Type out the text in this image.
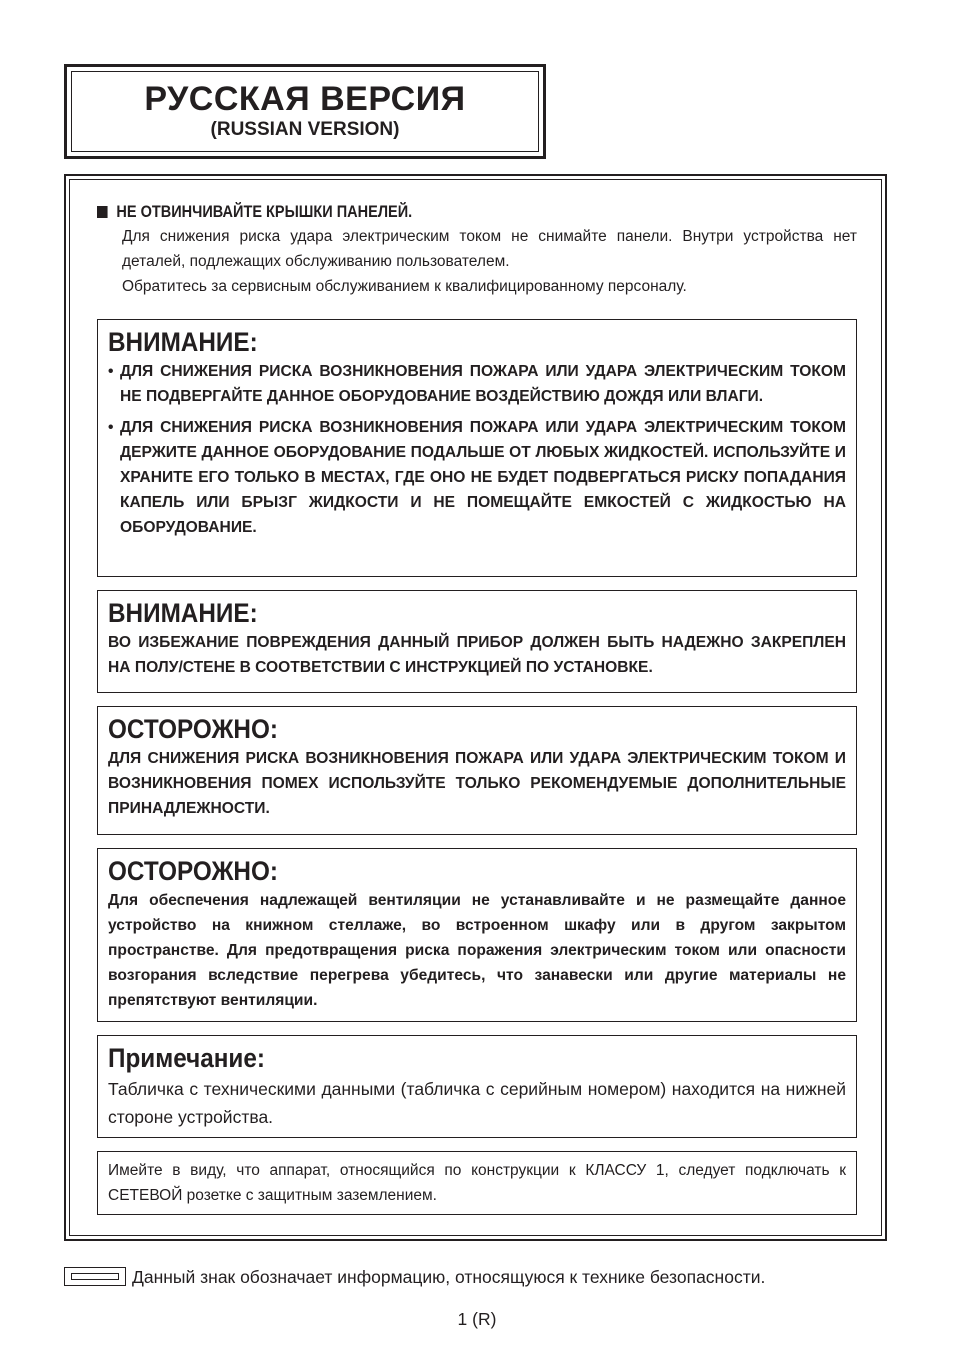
РУССКАЯ ВЕРСИЯ
(RUSSIAN VERSION)
НЕ ОТВИНЧИВАЙТЕ КРЫШКИ ПАНЕЛЕЙ.

Для снижения риска удара электрическим током не снимайте панели. Внутри устройства нет деталей, подлежащих обслуживанию пользователем.

Обратитесь за сервисным обслуживанием к квалифицированному персоналу.

ВНИМАНИЕ:
• ДЛЯ СНИЖЕНИЯ РИСКА ВОЗНИКНОВЕНИЯ ПОЖАРА ИЛИ УДАРА ЭЛЕКТРИЧЕСКИМ ТОКОМ НЕ ПОДВЕРГАЙТЕ ДАННОЕ ОБОРУДОВАНИЕ ВОЗДЕЙСТВИЮ ДОЖДЯ ИЛИ ВЛАГИ.
• ДЛЯ СНИЖЕНИЯ РИСКА ВОЗНИКНОВЕНИЯ ПОЖАРА ИЛИ УДАРА ЭЛЕКТРИЧЕСКИМ ТОКОМ ДЕРЖИТЕ ДАННОЕ ОБОРУДОВАНИЕ ПОДАЛЬШЕ ОТ ЛЮБЫХ ЖИДКОСТЕЙ. ИСПОЛЬЗУЙТЕ И ХРАНИТЕ ЕГО ТОЛЬКО В МЕСТАХ, ГДЕ ОНО НЕ БУДЕТ ПОДВЕРГАТЬСЯ РИСКУ ПОПАДАНИЯ КАПЕЛЬ ИЛИ БРЫЗГ ЖИДКОСТИ И НЕ ПОМЕЩАЙТЕ ЕМКОСТЕЙ С ЖИДКОСТЬЮ НА ОБОРУДОВАНИЕ.
ВНИМАНИЕ:
ВО ИЗБЕЖАНИЕ ПОВРЕЖДЕНИЯ ДАННЫЙ ПРИБОР ДОЛЖЕН БЫТЬ НАДЕЖНО ЗАКРЕПЛЕН НА ПОЛУ/СТЕНЕ В СООТВЕТСТВИИ С ИНСТРУКЦИЕЙ ПО УСТАНОВКЕ.
ОСТОРОЖНО:
ДЛЯ СНИЖЕНИЯ РИСКА ВОЗНИКНОВЕНИЯ ПОЖАРА ИЛИ УДАРА ЭЛЕКТРИЧЕСКИМ ТОКОМ И ВОЗНИКНОВЕНИЯ ПОМЕХ ИСПОЛЬЗУЙТЕ ТОЛЬКО РЕКОМЕНДУЕМЫЕ ДОПОЛНИТЕЛЬНЫЕ ПРИНАДЛЕЖНОСТИ.
ОСТОРОЖНО:
Для обеспечения надлежащей вентиляции не устанавливайте и не размещайте данное устройство на книжном стеллаже, во встроенном шкафу или в другом закрытом пространстве. Для предотвращения риска поражения электрическим током или опасности возгорания вследствие перегрева убедитесь, что занавески или другие материалы не препятствуют вентиляции.
Примечание:
Табличка с техническими данными (табличка с серийным номером) находится на нижней стороне устройства.
Имейте в виду, что аппарат, относящийся по конструкции к КЛАССУ 1, следует подключать к СЕТЕВОЙ розетке с защитным заземлением.
Данный знак обозначает информацию, относящуюся к технике безопасности.
1 (R)
